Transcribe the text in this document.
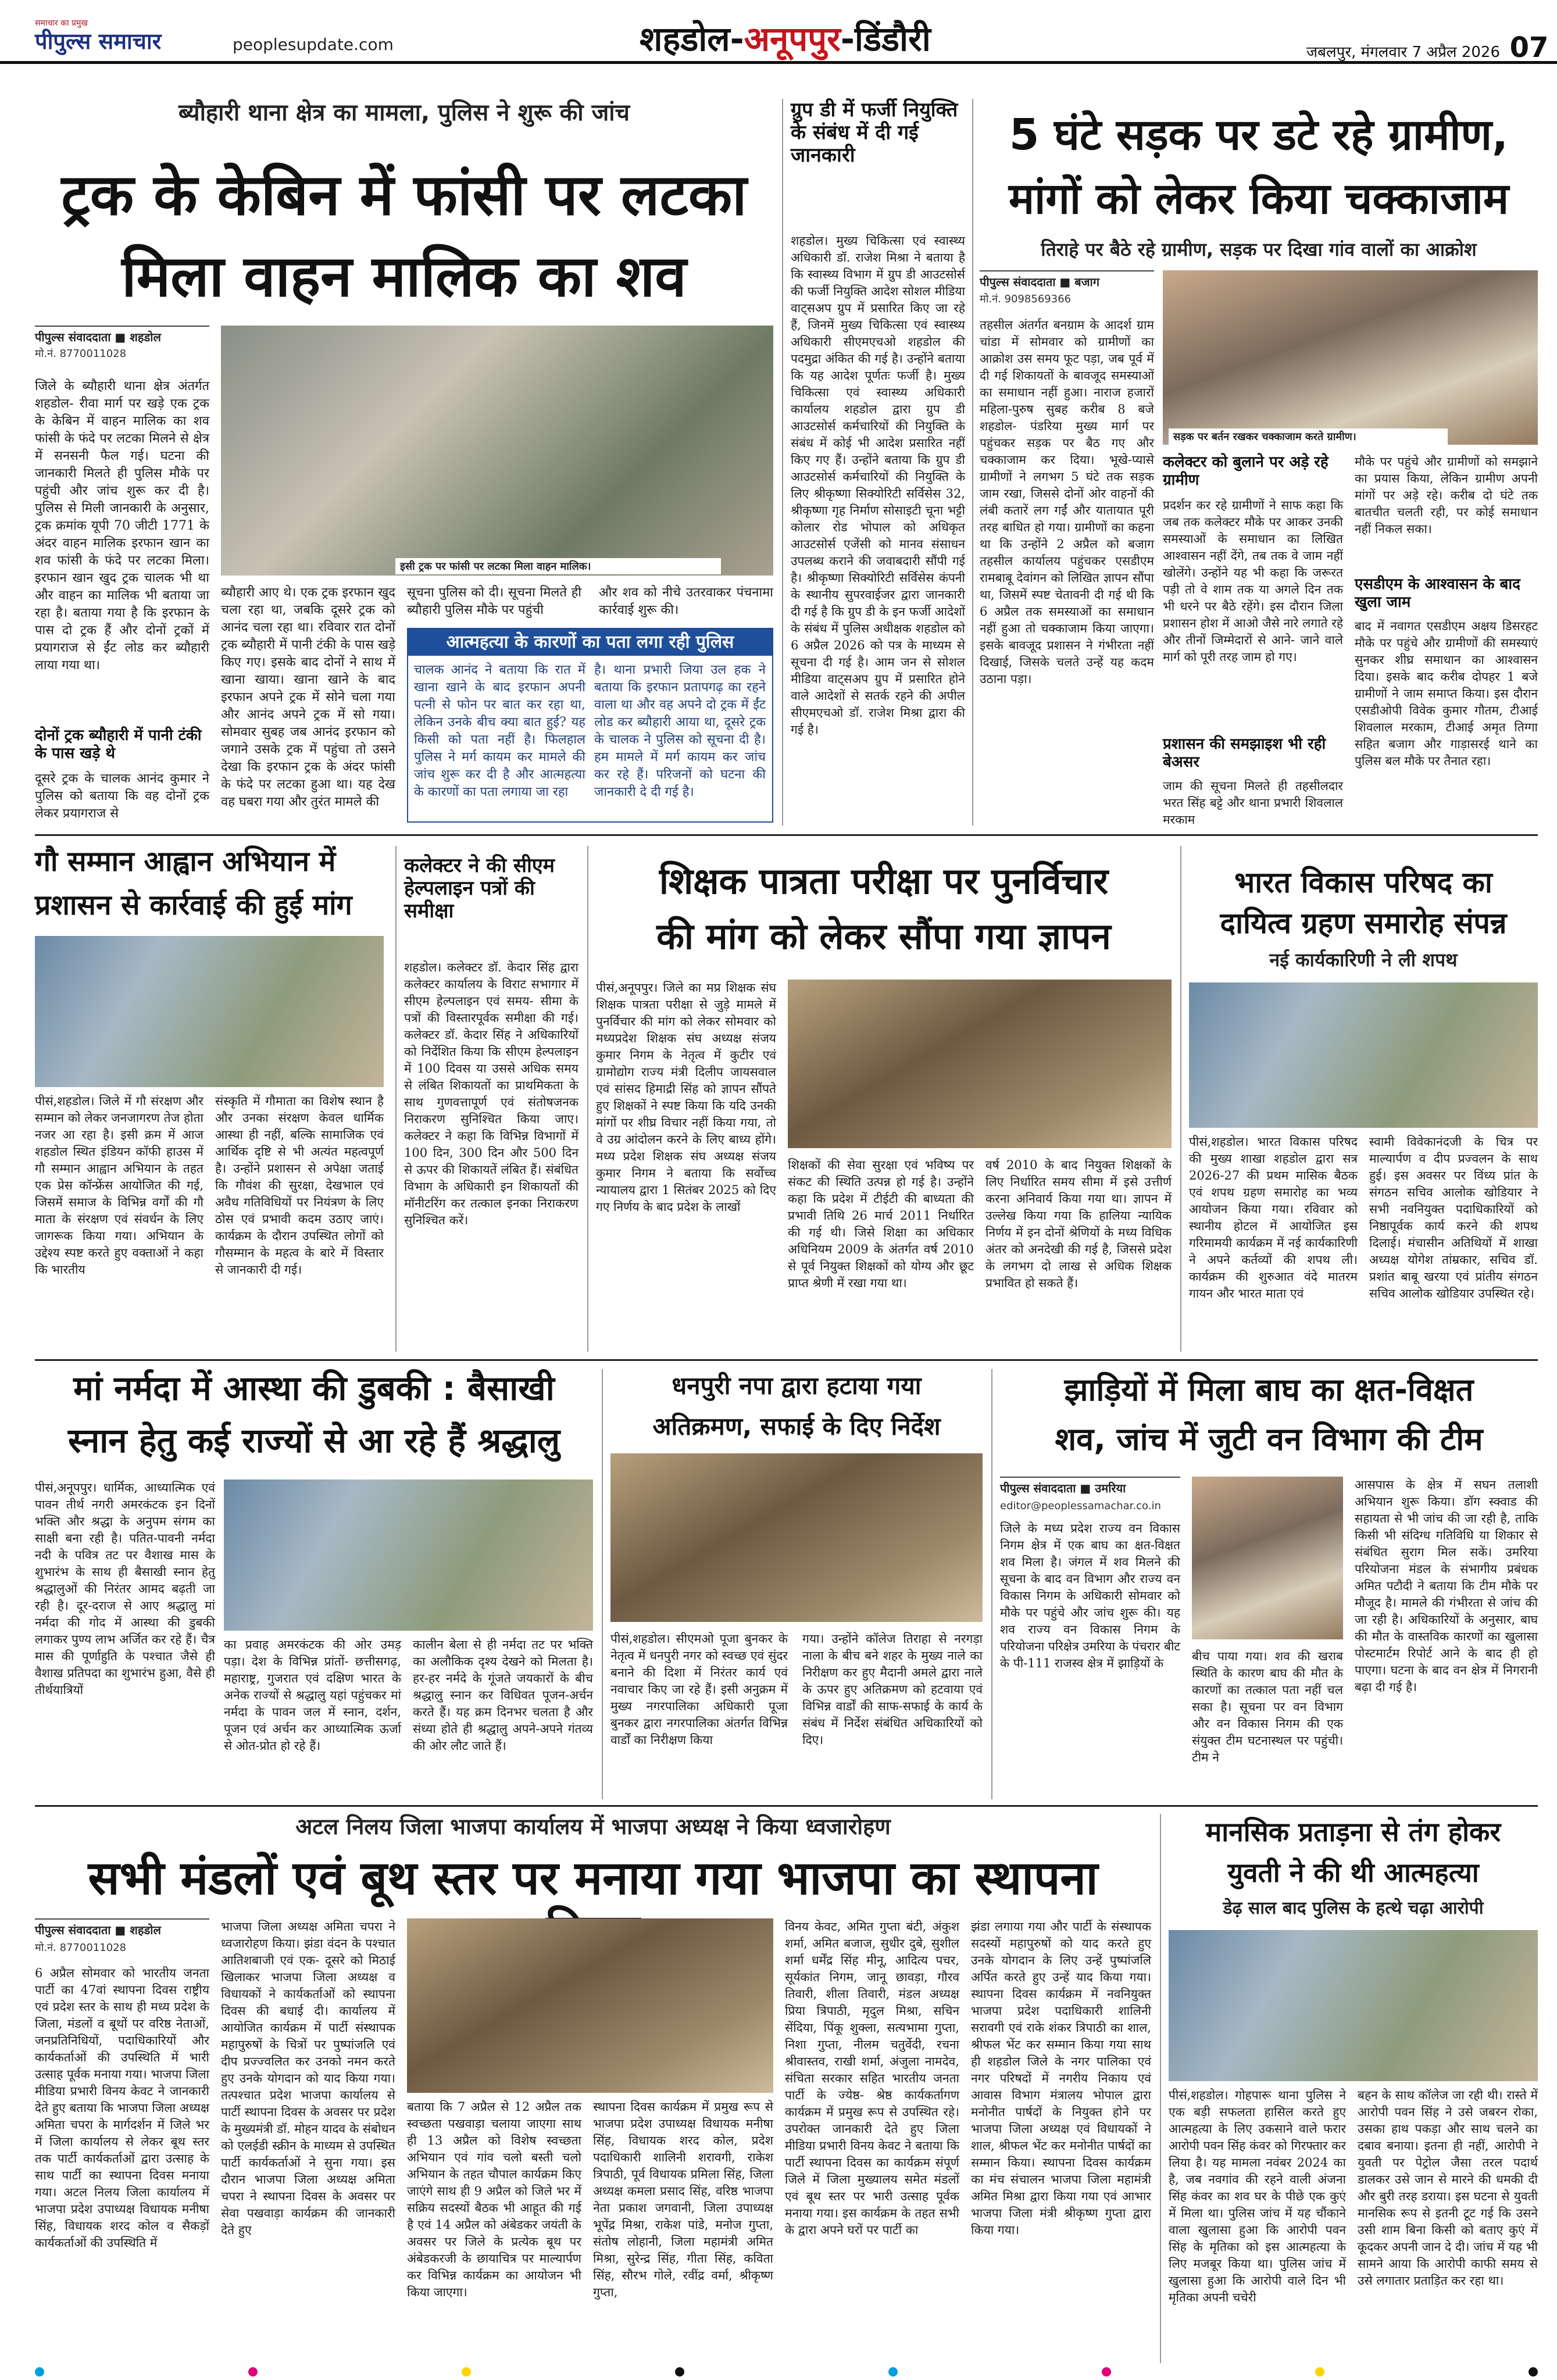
समाचार का प्रमुख
पीपुल्स समाचार	peoplesupdate.com	शहडोल-अनूपपुर-डिंडौरी	जबलपुर, मंगलवार 7 अप्रैल 2026 07
ब्यौहारी थाना क्षेत्र का मामला, पुलिस ने शुरू की जांच
ट्रक के केबिन में फांसी पर लटका
मिला वाहन मालिक का शव
पीपुल्स संवाददाता ■ शहडोल
मो.नं. 8770011028
इसी ट्रक पर फांसी पर लटका मिला वाहन मालिक।
जिले के ब्यौहारी थाना क्षेत्र अंतर्गत शहडोल- रीवा मार्ग पर खड़े एक ट्रक के केबिन में वाहन मालिक का शव फांसी के फंदे पर लटका मिलने से क्षेत्र में सनसनी फैल गई। घटना की जानकारी मिलते ही पुलिस मौके पर पहुंची और जांच शुरू कर दी है। पुलिस से मिली जानकारी के अनुसार, ट्रक क्रमांक यूपी 70 जीटी 1771 के अंदर वाहन मालिक इरफान खान का शव फांसी के फंदे पर लटका मिला। इरफान खान खुद ट्रक चालक भी था और वाहन का मालिक भी बताया जा रहा है। बताया गया है कि इरफान के पास दो ट्रक हैं और दोनों ट्रकों में प्रयागराज से ईंट लोड कर ब्यौहारी लाया गया था।
दोनों ट्रक ब्यौहारी में पानी टंकी के पास खड़े थे
दूसरे ट्रक के चालक आनंद कुमार ने पुलिस को बताया कि वह दोनों ट्रक लेकर प्रयागराज से
ब्यौहारी आए थे। एक ट्रक इरफान खुद चला रहा था, जबकि दूसरे ट्रक को आनंद चला रहा था। रविवार रात दोनों ट्रक ब्यौहारी में पानी टंकी के पास खड़े किए गए। इसके बाद दोनों ने साथ में खाना खाया। खाना खाने के बाद इरफान अपने ट्रक में सोने चला गया और आनंद अपने ट्रक में सो गया। सोमवार सुबह जब आनंद इरफान को जगाने उसके ट्रक में पहुंचा तो उसने देखा कि इरफान ट्रक के अंदर फांसी के फंदे पर लटका हुआ था। यह देख वह घबरा गया और तुरंत मामले की
सूचना पुलिस को दी। सूचना मिलते ही ब्यौहारी पुलिस मौके पर पहुंची
और शव को नीचे उतरवाकर पंचनामा कार्रवाई शुरू की।
आत्महत्या के कारणों का पता लगा रही पुलिस
चालक आनंद ने बताया कि रात में खाना खाने के बाद इरफान अपनी पत्नी से फोन पर बात कर रहा था, लेकिन उनके बीच क्या बात हुई? यह किसी को पता नहीं है। फिलहाल पुलिस ने मर्ग कायम कर मामले की जांच शुरू कर दी है और आत्महत्या के कारणों का पता लगाया जा रहा
है। थाना प्रभारी जिया उल हक ने बताया कि इरफान प्रतापगढ़ का रहने वाला था और वह अपने दो ट्रक में ईंट लोड कर ब्यौहारी आया था, दूसरे ट्रक के चालक ने पुलिस को सूचना दी है। हम मामले में मर्ग कायम कर जांच कर रहे हैं। परिजनों को घटना की जानकारी दे दी गई है।
ग्रुप डी में फर्जी नियुक्ति के संबंध में दी गई जानकारी
शहडोल। मुख्य चिकित्सा एवं स्वास्थ्य अधिकारी डॉ. राजेश मिश्रा ने बताया है कि स्वास्थ्य विभाग में ग्रुप डी आउटसोर्स की फर्जी नियुक्ति आदेश सोशल मीडिया वाट्सअप ग्रुप में प्रसारित किए जा रहे हैं, जिनमें मुख्य चिकित्सा एवं स्वास्थ्य अधिकारी सीएमएचओ शहडोल की पदमुद्रा अंकित की गई है। उन्होंने बताया कि यह आदेश पूर्णतः फर्जी है। मुख्य चिकित्सा एवं स्वास्थ्य अधिकारी कार्यालय शहडोल द्वारा ग्रुप डी आउटसोर्स कर्मचारियों की नियुक्ति के संबंध में कोई भी आदेश प्रसारित नहीं किए गए हैं। उन्होंने बताया कि ग्रुप डी आउटसोर्स कर्मचारियों की नियुक्ति के लिए श्रीकृष्णा सिक्योरिटी सर्विसेस 32, श्रीकृष्णा गृह निर्माण सोसाइटी चूना भट्टी कोलार रोड भोपाल को अधिकृत आउटसोर्स एजेंसी को मानव संसाधन उपलब्ध कराने की जवाबदारी सौंपी गई है। श्रीकृष्णा सिक्योरिटी सर्विसेस कंपनी के स्थानीय सुपरवाईजर द्वारा जानकारी दी गई है कि ग्रुप डी के इन फर्जी आदेशों के संबंध में पुलिस अधीक्षक शहडोल को 6 अप्रैल 2026 को पत्र के माध्यम से सूचना दी गई है। आम जन से सोशल मीडिया वाट्सअप ग्रुप में प्रसारित होने वाले आदेशों से सतर्क रहने की अपील सीएमएचओ डॉ. राजेश मिश्रा द्वारा की गई है।
5 घंटे सड़क पर डटे रहे ग्रामीण,
मांगों को लेकर किया चक्काजाम
तिराहे पर बैठे रहे ग्रामीण, सड़क पर दिखा गांव वालों का आक्रोश
पीपुल्स संवाददाता ■ बजाग
मो.नं. 9098569366
सड़क पर बर्तन रखकर चक्काजाम करते ग्रामीण।
तहसील अंतर्गत बनग्राम के आदर्श ग्राम चांडा में सोमवार को ग्रामीणों का आक्रोश उस समय फूट पड़ा, जब पूर्व में दी गई शिकायतों के बावजूद समस्याओं का समाधान नहीं हुआ। नाराज हजारों महिला-पुरुष सुबह करीब 8 बजे शहडोल- पंडरिया मुख्य मार्ग पर पहुंचकर सड़क पर बैठ गए और चक्काजाम कर दिया। भूखे-प्यासे ग्रामीणों ने लगभग 5 घंटे तक सड़क जाम रखा, जिससे दोनों ओर वाहनों की लंबी कतारें लग गईं और यातायात पूरी तरह बाधित हो गया। ग्रामीणों का कहना था कि उन्होंने 2 अप्रैल को बजाग तहसील कार्यालय पहुंचकर एसडीएम रामबाबू देवांगन को लिखित ज्ञापन सौंपा था, जिसमें स्पष्ट चेतावनी दी गई थी कि 6 अप्रैल तक समस्याओं का समाधान नहीं हुआ तो चक्काजाम किया जाएगा। इसके बावजूद प्रशासन ने गंभीरता नहीं दिखाई, जिसके चलते उन्हें यह कदम उठाना पड़ा।
कलेक्टर को बुलाने पर अड़े रहे ग्रामीण
प्रदर्शन कर रहे ग्रामीणों ने साफ कहा कि जब तक कलेक्टर मौके पर आकर उनकी समस्याओं के समाधान का लिखित आश्वासन नहीं देंगे, तब तक वे जाम नहीं खोलेंगे। उन्होंने यह भी कहा कि जरूरत पड़ी तो वे शाम तक या अगले दिन तक भी धरने पर बैठे रहेंगे। इस दौरान जिला प्रशासन होश में आओ जैसे नारे लगाते रहे और तीनों जिम्मेदारों से आने- जाने वाले मार्ग को पूरी तरह जाम हो गए।
प्रशासन की समझाइश भी रही बेअसर
जाम की सूचना मिलते ही तहसीलदार भरत सिंह बट्टे और थाना प्रभारी शिवलाल मरकाम
मौके पर पहुंचे और ग्रामीणों को समझाने का प्रयास किया, लेकिन ग्रामीण अपनी मांगों पर अड़े रहे। करीब दो घंटे तक बातचीत चलती रही, पर कोई समाधान नहीं निकल सका।
एसडीएम के आश्वासन के बाद खुला जाम
बाद में नवागत एसडीएम अक्षय डिसरहट मौके पर पहुंचे और ग्रामीणों की समस्याएं सुनकर शीघ्र समाधान का आश्वासन दिया। इसके बाद करीब दोपहर 1 बजे ग्रामीणों ने जाम समाप्त किया। इस दौरान एसडीओपी विवेक कुमार गौतम, टीआई शिवलाल मरकाम, टीआई अमृत तिग्गा सहित बजाग और गाड़ासरई थाने का पुलिस बल मौके पर तैनात रहा।
गौ सम्मान आह्वान अभियान में
प्रशासन से कार्रवाई की हुई मांग
पीसं,शहडोल। जिले में गौ संरक्षण और सम्मान को लेकर जनजागरण तेज होता नजर आ रहा है। इसी क्रम में आज शहडोल स्थित इंडियन कॉफी हाउस में गौ सम्मान आह्वान अभियान के तहत एक प्रेस कॉन्फ्रेंस आयोजित की गई, जिसमें समाज के विभिन्न वर्गों की गौ माता के संरक्षण एवं संवर्धन के लिए जागरूक किया गया। अभियान के उद्देश्य स्पष्ट करते हुए वक्ताओं ने कहा कि भारतीय
संस्कृति में गौमाता का विशेष स्थान है और उनका संरक्षण केवल धार्मिक आस्था ही नहीं, बल्कि सामाजिक एवं आर्थिक दृष्टि से भी अत्यंत महत्वपूर्ण है। उन्होंने प्रशासन से अपेक्षा जताई कि गौवंश की सुरक्षा, देखभाल एवं अवैध गतिविधियों पर नियंत्रण के लिए ठोस एवं प्रभावी कदम उठाए जाएं। कार्यक्रम के दौरान उपस्थित लोगों को गौसम्मान के महत्व के बारे में विस्तार से जानकारी दी गई।
कलेक्टर ने की सीएम हेल्पलाइन पत्रों की समीक्षा
शहडोल। कलेक्टर डॉ. केदार सिंह द्वारा कलेक्टर कार्यालय के विराट सभागार में सीएम हेल्पलाइन एवं समय- सीमा के पत्रों की विस्तारपूर्वक समीक्षा की गई। कलेक्टर डॉ. केदार सिंह ने अधिकारियों को निर्देशित किया कि सीएम हेल्पलाइन में 100 दिवस या उससे अधिक समय से लंबित शिकायतों का प्राथमिकता के साथ गुणवत्तापूर्ण एवं संतोषजनक निराकरण सुनिश्चित किया जाए। कलेक्टर ने कहा कि विभिन्न विभागों में 100 दिन, 300 दिन और 500 दिन से ऊपर की शिकायतें लंबित हैं। संबंधित विभाग के अधिकारी इन शिकायतों की मॉनीटरिंग कर तत्काल इनका निराकरण सुनिश्चित करें।
शिक्षक पात्रता परीक्षा पर पुनर्विचार
की मांग को लेकर सौंपा गया ज्ञापन
पीसं,अनूपपुर। जिले का मप्र शिक्षक संघ शिक्षक पात्रता परीक्षा से जुड़े मामले में पुनर्विचार की मांग को लेकर सोमवार को मध्यप्रदेश शिक्षक संघ अध्यक्ष संजय कुमार निगम के नेतृत्व में कुटीर एवं ग्रामोद्योग राज्य मंत्री दिलीप जायसवाल एवं सांसद हिमाद्री सिंह को ज्ञापन सौंपते हुए शिक्षकों ने स्पष्ट किया कि यदि उनकी मांगों पर शीघ्र विचार नहीं किया गया, तो वे उग्र आंदोलन करने के लिए बाध्य होंगे। मध्य प्रदेश शिक्षक संघ अध्यक्ष संजय कुमार निगम ने बताया कि सर्वोच्च न्यायालय द्वारा 1 सितंबर 2025 को दिए गए निर्णय के बाद प्रदेश के लाखों
शिक्षकों की सेवा सुरक्षा एवं भविष्य पर संकट की स्थिति उत्पन्न हो गई है। उन्होंने कहा कि प्रदेश में टीईटी की बाध्यता की प्रभावी तिथि 26 मार्च 2011 निर्धारित की गई थी। जिसे शिक्षा का अधिकार अधिनियम 2009 के अंतर्गत वर्ष 2010 से पूर्व नियुक्त शिक्षकों को योग्य और छूट प्राप्त श्रेणी में रखा गया था।
वर्ष 2010 के बाद नियुक्त शिक्षकों के लिए निर्धारित समय सीमा में इसे उत्तीर्ण करना अनिवार्य किया गया था। ज्ञापन में उल्लेख किया गया कि हालिया न्यायिक निर्णय में इन दोनों श्रेणियों के मध्य विधिक अंतर को अनदेखी की गई है, जिससे प्रदेश के लगभग दो लाख से अधिक शिक्षक प्रभावित हो सकते हैं।
भारत विकास परिषद का
दायित्व ग्रहण समारोह संपन्न
नई कार्यकारिणी ने ली शपथ
पीसं,शहडोल। भारत विकास परिषद की मुख्य शाखा शहडोल द्वारा सत्र 2026-27 की प्रथम मासिक बैठक एवं शपथ ग्रहण समारोह का भव्य आयोजन किया गया। रविवार को स्थानीय होटल में आयोजित इस गरिमामयी कार्यक्रम में नई कार्यकारिणी ने अपने कर्तव्यों की शपथ ली। कार्यक्रम की शुरुआत वंदे मातरम गायन और भारत माता एवं
स्वामी विवेकानंदजी के चित्र पर माल्यार्पण व दीप प्रज्वलन के साथ हुई। इस अवसर पर विंध्य प्रांत के संगठन सचिव आलोक खोडियार ने सभी नवनियुक्त पदाधिकारियों को निष्ठापूर्वक कार्य करने की शपथ दिलाई। मंचासीन अतिथियों में शाखा अध्यक्ष योगेश तांम्रकार, सचिव डॉ. प्रशांत बाबू खरया एवं प्रांतीय संगठन सचिव आलोक खोडियार उपस्थित रहे।
मां नर्मदा में आस्था की डुबकी : बैसाखी
स्नान हेतु कई राज्यों से आ रहे हैं श्रद्धालु
पीसं,अनूपपुर। धार्मिक, आध्यात्मिक एवं पावन तीर्थ नगरी अमरकंटक इन दिनों भक्ति और श्रद्धा के अनुपम संगम का साक्षी बना रही है। पतित-पावनी नर्मदा नदी के पवित्र तट पर वैशाख मास के शुभारंभ के साथ ही बैसाखी स्नान हेतु श्रद्धालुओं की निरंतर आमद बढ़ती जा रही है। दूर-दराज से आए श्रद्धालु मां नर्मदा की गोद में आस्था की डुबकी लगाकर पुण्य लाभ अर्जित कर रहे हैं। चैत्र मास की पूर्णाहुति के पश्चात जैसे ही वैशाख प्रतिपदा का शुभारंभ हुआ, वैसे ही तीर्थयात्रियों
का प्रवाह अमरकंटक की ओर उमड़ पड़ा। देश के विभिन्न प्रांतों- छत्तीसगढ़, महाराष्ट्र, गुजरात एवं दक्षिण भारत के अनेक राज्यों से श्रद्धालु यहां पहुंचकर मां नर्मदा के पावन जल में स्नान, दर्शन, पूजन एवं अर्चन कर आध्यात्मिक ऊर्जा से ओत-प्रोत हो रहे हैं।
कालीन बेला से ही नर्मदा तट पर भक्ति का अलौकिक दृश्य देखने को मिलता है। हर-हर नर्मदे के गूंजते जयकारों के बीच श्रद्धालु स्नान कर विधिवत पूजन-अर्चन करते हैं। यह क्रम दिनभर चलता है और संध्या होते ही श्रद्धालु अपने-अपने गंतव्य की ओर लौट जाते हैं।
धनपुरी नपा द्वारा हटाया गया
अतिक्रमण, सफाई के दिए निर्देश
पीसं,शहडोल। सीएमओ पूजा बुनकर के नेतृत्व में धनपुरी नगर को स्वच्छ एवं सुंदर बनाने की दिशा में निरंतर कार्य एवं नवाचार किए जा रहे हैं। इसी अनुक्रम में मुख्य नगरपालिका अधिकारी पूजा बुनकर द्वारा नगरपालिका अंतर्गत विभिन्न वार्डों का निरीक्षण किया
गया। उन्होंने कॉलेज तिराहा से नरगड़ा नाला के बीच बने शहर के मुख्य नाले का निरीक्षण कर हुए मैदानी अमले द्वारा नाले के ऊपर हुए अतिक्रमण को हटवाया एवं विभिन्न वार्डों की साफ-सफाई के कार्य के संबंध में निर्देश संबंधित अधिकारियों को दिए।
झाड़ियों में मिला बाघ का क्षत-विक्षत
शव, जांच में जुटी वन विभाग की टीम
पीपुल्स संवाददाता ■ उमरिया
editor@peoplessamachar.co.in
जिले के मध्य प्रदेश राज्य वन विकास निगम क्षेत्र में एक बाघ का क्षत-विक्षत शव मिला है। जंगल में शव मिलने की सूचना के बाद वन विभाग और राज्य वन विकास निगम के अधिकारी सोमवार को मौके पर पहुंचे और जांच शुरू की। यह शव राज्य वन विकास निगम के परियोजना परिक्षेत्र उमरिया के पंचरार बीट के पी-111 राजस्व क्षेत्र में झाड़ियों के	बीच पाया गया। शव की खराब स्थिति के कारण बाघ की मौत के कारणों का तत्काल पता नहीं चल सका है। सूचना पर वन विभाग और वन विकास निगम की एक संयुक्त टीम घटनास्थल पर पहुंची। टीम ने
आसपास के क्षेत्र में सघन तलाशी अभियान शुरू किया। डॉग स्क्वाड की सहायता से भी जांच की जा रही है, ताकि किसी भी संदिग्ध गतिविधि या शिकार से संबंधित सुराग मिल सकें। उमरिया परियोजना मंडल के संभागीय प्रबंधक अमित पटौदी ने बताया कि टीम मौके पर मौजूद है। मामले की गंभीरता से जांच की जा रही है। अधिकारियों के अनुसार, बाघ की मौत के वास्तविक कारणों का खुलासा पोस्टमार्टम रिपोर्ट आने के बाद ही हो पाएगा। घटना के बाद वन क्षेत्र में निगरानी बढ़ा दी गई है।
अटल निलय जिला भाजपा कार्यालय में भाजपा अध्यक्ष ने किया ध्वजारोहण
सभी मंडलों एवं बूथ स्तर पर मनाया गया भाजपा का स्थापना
पीपुल्स संवाददाता ■ शहडोल
मो.नं. 8770011028
6 अप्रैल सोमवार को भारतीय जनता पार्टी का 47वां स्थापना दिवस राष्ट्रीय एवं प्रदेश स्तर के साथ ही मध्य प्रदेश के जिला, मंडलों व बूथों पर वरिष्ठ नेताओं, जनप्रतिनिधियों, पदाधिकारियों और कार्यकर्ताओं की उपस्थिति में भारी उत्साह पूर्वक मनाया गया। भाजपा जिला मीडिया प्रभारी विनय केवट ने जानकारी देते हुए बताया कि भाजपा जिला अध्यक्ष अमिता चपरा के मार्गदर्शन में जिले भर में जिला कार्यालय से लेकर बूथ स्तर तक पार्टी कार्यकर्ताओं द्वारा उत्साह के साथ पार्टी का स्थापना दिवस मनाया गया। अटल निलय जिला कार्यालय में भाजपा प्रदेश उपाध्यक्ष विधायक मनीषा सिंह, विधायक शरद कोल व सैकड़ों कार्यकर्ताओं की उपस्थिति में
भाजपा जिला अध्यक्ष अमिता चपरा ने ध्वजारोहण किया। झंडा वंदन के पश्चात आतिशबाजी एवं एक- दूसरे को मिठाई खिलाकर भाजपा जिला अध्यक्ष व विधायकों ने कार्यकर्ताओं को स्थापना दिवस की बधाई दी। कार्यालय में आयोजित कार्यक्रम में पार्टी संस्थापक महापुरुषों के चित्रों पर पुष्पांजलि एवं दीप प्रज्ज्वलित कर उनको नमन करते हुए उनके योगदान को याद किया गया। तत्पश्चात प्रदेश भाजपा कार्यालय से पार्टी स्थापना दिवस के अवसर पर प्रदेश के मुख्यमंत्री डॉ. मोहन यादव के संबोधन को एलईडी स्क्रीन के माध्यम से उपस्थित पार्टी कार्यकर्ताओं ने सुना गया। इस दौरान भाजपा जिला अध्यक्ष अमिता चपरा ने स्थापना दिवस के अवसर पर सेवा पखवाड़ा कार्यक्रम की जानकारी देते हुए
बताया कि 7 अप्रैल से 12 अप्रैल तक स्वच्छता पखवाड़ा चलाया जाएगा साथ ही 13 अप्रैल को विशेष स्वच्छता अभियान एवं गांव चलो बस्ती चलो अभियान के तहत चौपाल कार्यक्रम किए जाएंगे साथ ही 9 अप्रैल को जिले भर में सक्रिय सदस्यों बैठक भी आहूत की गई है एवं 14 अप्रैल को अंबेडकर जयंती के अवसर पर जिले के प्रत्येक बूथ पर अंबेडकरजी के छायाचित्र पर माल्यार्पण कर विभिन्न कार्यक्रम का आयोजन भी किया जाएगा।
स्थापना दिवस कार्यक्रम में प्रमुख रूप से भाजपा प्रदेश उपाध्यक्ष विधायक मनीषा सिंह, विधायक शरद कोल, प्रदेश पदाधिकारी शालिनी शरावगी, राकेश त्रिपाठी, पूर्व विधायक प्रमिला सिंह, जिला अध्यक्ष कमला प्रसाद सिंह, वरिष्ठ भाजपा नेता प्रकाश जगवानी, जिला उपाध्यक्ष भूपेंद्र मिश्रा, राकेश पांडे, मनोज गुप्ता, संतोष लोहानी, जिला महामंत्री अमित मिश्रा, सुरेन्द्र सिंह, गीता सिंह, कविता सिंह, सौरभ गोले, रवींद्र वर्मा, श्रीकृष्ण गुप्ता,
विनय केवट, अमित गुप्ता बंटी, अंकुश शर्मा, अमित बजाज, सुधीर दुबे, सुशील शर्मा धर्मेंद्र सिंह मीनू, आदित्य पचर, सूर्यकांत निगम, जानू छावड़ा, गौरव तिवारी, शीला तिवारी, मंडल अध्यक्ष प्रिया त्रिपाठी, मृदुल मिश्रा, सचिन सेंदिया, पिंकू शुक्ला, सत्यभामा गुप्ता, निशा गुप्ता, नीलम चतुर्वेदी, रचना श्रीवास्तव, राखी शर्मा, अंजुला नामदेव, संचिता सरकार सहित भारतीय जनता पार्टी के ज्येष्ठ- श्रेष्ठ कार्यकर्तागण कार्यक्रम में प्रमुख रूप से उपस्थित रहे। उपरोक्त जानकारी देते हुए जिला मीडिया प्रभारी विनय केवट ने बताया कि पार्टी स्थापना दिवस का कार्यक्रम संपूर्ण जिले में जिला मुख्यालय समेत मंडलों एवं बूथ स्तर पर भारी उत्साह पूर्वक मनाया गया। इस कार्यक्रम के तहत सभी के द्वारा अपने घरों पर पार्टी का
झंडा लगाया गया और पार्टी के संस्थापक सदस्यों महापुरुषों को याद करते हुए उनके योगदान के लिए उन्हें पुष्पांजलि अर्पित करते हुए उन्हें याद किया गया। स्थापना दिवस कार्यक्रम में नवनियुक्त भाजपा प्रदेश पदाधिकारी शालिनी सरावगी एवं राके शंकर त्रिपाठी का शाल, श्रीफल भेंट कर सम्मान किया गया साथ ही शहडोल जिले के नगर पालिका एवं नगर परिषदों में नगरीय निकाय एवं आवास विभाग मंत्रालय भोपाल द्वारा मनोनीत पार्षदों के नियुक्त होने पर भाजपा जिला अध्यक्ष एवं विधायकों ने शाल, श्रीफल भेंट कर मनोनीत पार्षदों का सम्मान किया। स्थापना दिवस कार्यक्रम का मंच संचालन भाजपा जिला महामंत्री अमित मिश्रा द्वारा किया गया एवं आभार भाजपा जिला मंत्री श्रीकृष्ण गुप्ता द्वारा किया गया।
मानसिक प्रताड़ना से तंग होकर
युवती ने की थी आत्महत्या
डेढ़ साल बाद पुलिस के हत्थे चढ़ा आरोपी
पीसं,शहडोल। गोहपारू थाना पुलिस ने एक बड़ी सफलता हासिल करते हुए आत्महत्या के लिए उकसाने वाले फरार आरोपी पवन सिंह कंवर को गिरफ्तार कर लिया है। यह मामला नवंबर 2024 का है, जब नवगांव की रहने वाली अंजना सिंह कंवर का शव घर के पीछे एक कुएं में मिला था। पुलिस जांच में यह चौंकाने वाला खुलासा हुआ कि आरोपी पवन सिंह के मृतिका को इस आत्महत्या के लिए मजबूर किया था। पुलिस जांच में खुलासा हुआ कि आरोपी वाले दिन भी मृतिका अपनी चचेरी
बहन के साथ कॉलेज जा रही थी। रास्ते में आरोपी पवन सिंह ने उसे जबरन रोका, उसका हाथ पकड़ा और साथ चलने का दबाव बनाया। इतना ही नहीं, आरोपी ने युवती पर पेट्रोल जैसा तरल पदार्थ डालकर उसे जान से मारने की धमकी दी और बुरी तरह डराया। इस घटना से युवती मानसिक रूप से इतनी टूट गई कि उसने उसी शाम बिना किसी को बताए कुएं में कूदकर अपनी जान दे दी। जांच में यह भी सामने आया कि आरोपी काफी समय से उसे लगातार प्रताड़ित कर रहा था।
